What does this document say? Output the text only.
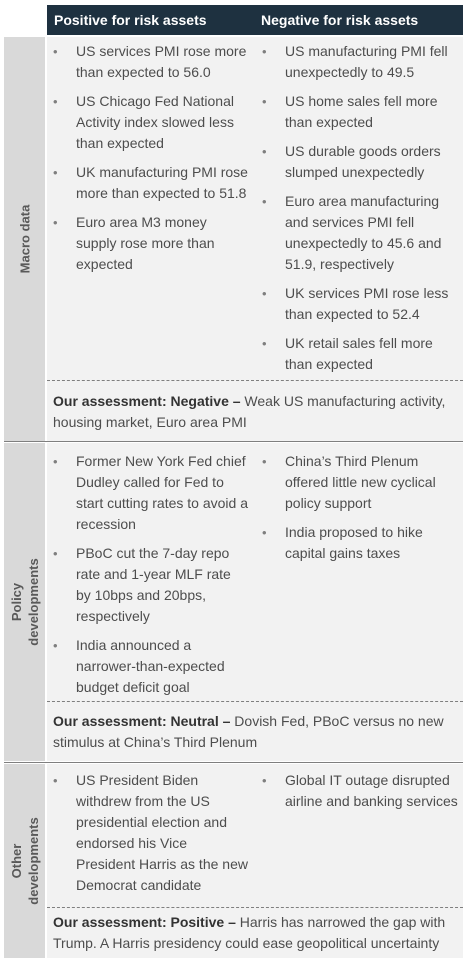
Positive for risk assets	Negative for risk assets
Macro data
• US services PMI rose more than expected to 56.0
• US Chicago Fed National Activity index slowed less than expected
• UK manufacturing PMI rose more than expected to 51.8
• Euro area M3 money supply rose more than expected
• US manufacturing PMI fell unexpectedly to 49.5
• US home sales fell more than expected
• US durable goods orders slumped unexpectedly
• Euro area manufacturing and services PMI fell unexpectedly to 45.6 and 51.9, respectively
• UK services PMI rose less than expected to 52.4
• UK retail sales fell more than expected
Our assessment: Negative – Weak US manufacturing activity, housing market, Euro area PMI
Policy developments
• Former New York Fed chief Dudley called for Fed to start cutting rates to avoid a recession
• PBoC cut the 7-day repo rate and 1-year MLF rate by 10bps and 20bps, respectively
• India announced a narrower-than-expected budget deficit goal
• China’s Third Plenum offered little new cyclical policy support
• India proposed to hike capital gains taxes
Our assessment: Neutral – Dovish Fed, PBoC versus no new stimulus at China’s Third Plenum
Other developments
• US President Biden withdrew from the US presidential election and endorsed his Vice President Harris as the new Democrat candidate
• Global IT outage disrupted airline and banking services
Our assessment: Positive – Harris has narrowed the gap with Trump. A Harris presidency could ease geopolitical uncertainty
